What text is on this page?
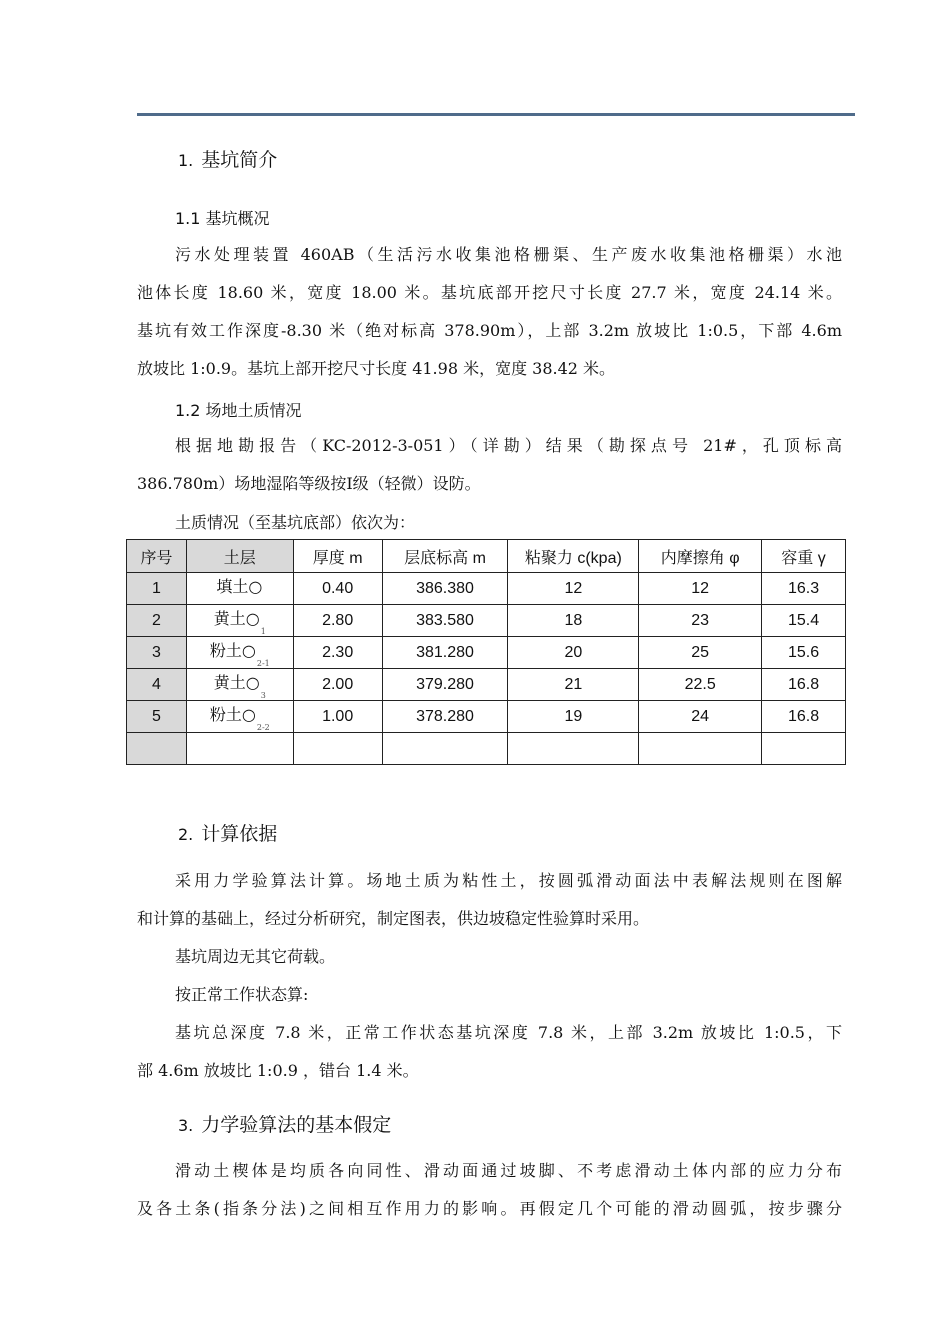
1. 基坑简介
1.1 基坑概况

污水处理装置 460AB（生活污水收集池格栅渠、生产废水收集池格栅渠）水池

池体长度 18.60 米，宽度 18.00 米。基坑底部开挖尺寸长度 27.7 米，宽度 24.14 米。

基坑有效工作深度-8.30 米（绝对标高 378.90m），上部 3.2m 放坡比 1:0.5，下部 4.6m

放坡比 1:0.9。基坑上部开挖尺寸长度 41.98 米，宽度 38.42 米。

1.2 场地土质情况

根据地勘报告（KC-2012-3-051）（详勘）结果（勘探点号 21#，孔顶标高

386.780m）场地湿陷等级按Ⅰ级（轻微）设防。

土质情况（至基坑底部）依次为：

序号	土层	厚度 m	层底标高 m	粘聚力 c(kpa)	内摩擦角 φ	容重 γ
1	填土○	0.40	386.380	12	12	16.3
2	黄土$○_1$	2.80	383.580	18	23	15.4
3	粉土$○_{2-1}$	2.30	381.280	20	25	15.6
4	黄土$○_3$	2.00	379.280	21	22.5	16.8
5	粉土$○_{2-2}$	1.00	378.280	19	24	16.8

2. 计算依据

采用力学验算法计算。场地土质为粘性土，按圆弧滑动面法中表解法规则在图解

和计算的基础上，经过分析研究，制定图表，供边坡稳定性验算时采用。

基坑周边无其它荷载。

按正常工作状态算:

基坑总深度 7.8 米，正常工作状态基坑深度 7.8 米，上部 3.2m 放坡比 1:0.5，下

部 4.6m 放坡比 1:0.9 ，错台 1.4 米。

3. 力学验算法的基本假定

滑动土楔体是均质各向同性、滑动面通过坡脚、不考虑滑动土体内部的应力分布

及各土条(指条分法)之间相互作用力的影响。再假定几个可能的滑动圆弧，按步骤分
